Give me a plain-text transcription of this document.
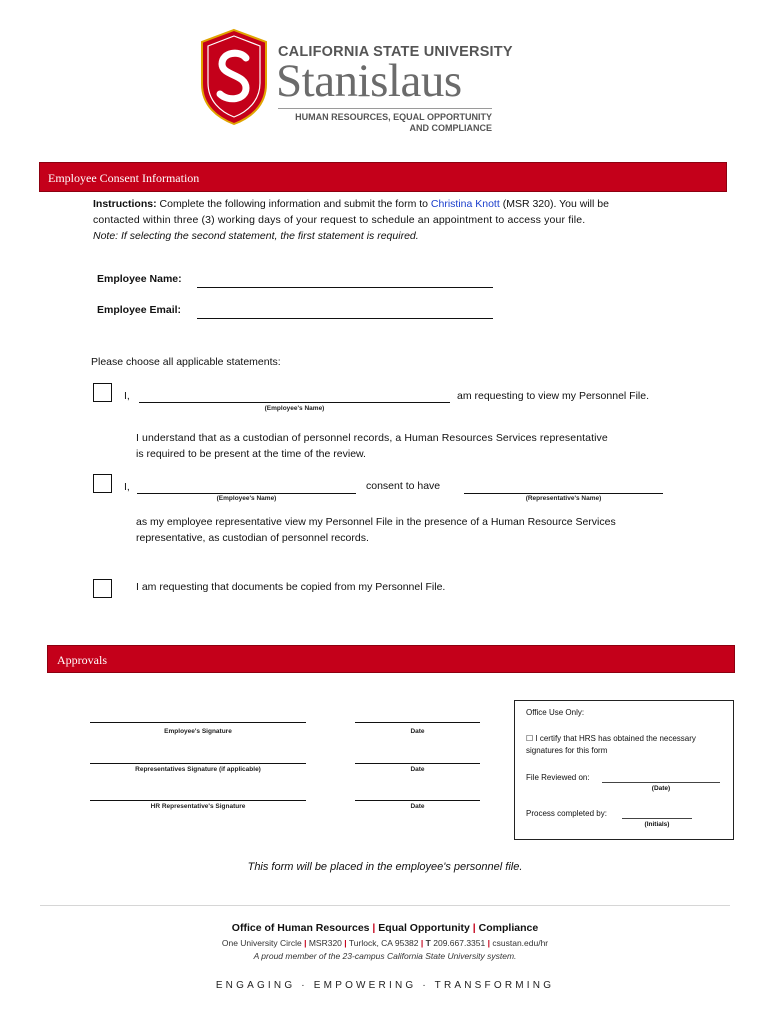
CALIFORNIA STATE UNIVERSITY
Stanislaus
HUMAN RESOURCES, EQUAL OPPORTUNITY
AND COMPLIANCE
Employee Consent Information
Instructions: Complete the following information and submit the form to Christina Knott (MSR 320). You will be
contacted within three (3) working days of your request to schedule an appointment to access your file.
Note: If selecting the second statement, the first statement is required.
Employee Name:
Employee Email:
Please choose all applicable statements:
I,
(Employee's Name)
am requesting to view my Personnel File.
I understand that as a custodian of personnel records, a Human Resources Services representative
is required to be present at the time of the review.
I,
(Employee's Name)
consent to have
(Representative's Name)
as my employee representative view my Personnel File in the presence of a Human Resource Services
representative, as custodian of personnel records.
I am requesting that documents be copied from my Personnel File.
Approvals
Employee's Signature	Date
Representatives Signature (if applicable)	Date
HR Representative's Signature	Date
Office Use Only:
☐ I certify that HRS has obtained the necessary
signatures for this form
File Reviewed on:
(Date)
Process completed by:
(Initials)
This form will be placed in the employee's personnel file.
Office of Human Resources | Equal Opportunity | Compliance
One University Circle | MSR320 | Turlock, CA 95382 | T 209.667.3351 | csustan.edu/hr
A proud member of the 23-campus California State University system.
ENGAGING · EMPOWERING · TRANSFORMING
